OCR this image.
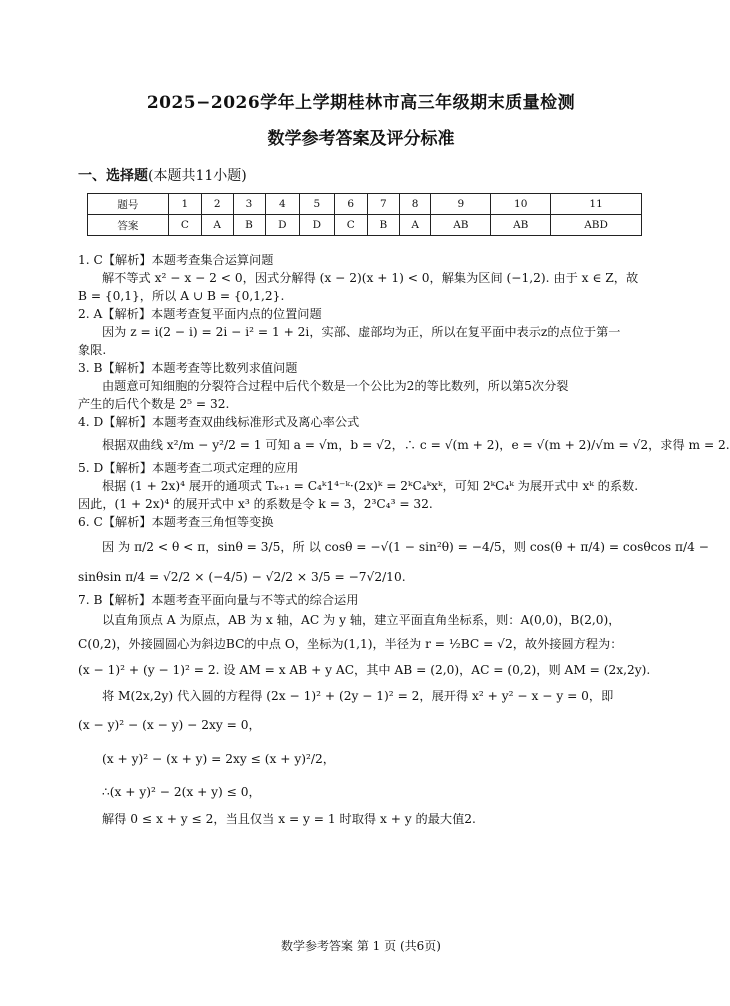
2025−2026学年上学期桂林市高三年级期末质量检测
数学参考答案及评分标准
一、选择题(本题共11小题)
题号	1	2	3	4	5	6	7	8	9	10	11
答案	C	A	B	D	D	C	B	A	AB	AB	ABD
1. C【解析】本题考查集合运算问题
解不等式 x² − x − 2 < 0，因式分解得 (x − 2)(x + 1) < 0，解集为区间 (−1,2). 由于 x ∈ Z，故
B = {0,1}，所以 A ∪ B = {0,1,2}.
2. A【解析】本题考查复平面内点的位置问题
因为 z = i(2 − i) = 2i − i² = 1 + 2i，实部、虚部均为正，所以在复平面中表示z的点位于第一
象限.
3. B【解析】本题考查等比数列求值问题
由题意可知细胞的分裂符合过程中后代个数是一个公比为2的等比数列，所以第5次分裂
产生的后代个数是 2⁵ = 32.
4. D【解析】本题考查双曲线标准形式及离心率公式
根据双曲线 x²/m − y²/2 = 1 可知 a = √m，b = √2，∴ c = √(m + 2)，e = √(m + 2)/√m = √2，求得 m = 2.
5. D【解析】本题考查二项式定理的应用
根据 (1 + 2x)⁴ 展开的通项式 Tₖ₊₁ = C₄ᵏ1⁴⁻ᵏ·(2x)ᵏ = 2ᵏC₄ᵏxᵏ，可知 2ᵏC₄ᵏ 为展开式中 xᵏ 的系数.
因此，(1 + 2x)⁴ 的展开式中 x³ 的系数是令 k = 3，2³C₄³ = 32.
6. C【解析】本题考查三角恒等变换
因 为 π/2 < θ < π，sinθ = 3/5，所 以 cosθ = −√(1 − sin²θ) = −4/5，则 cos(θ + π/4) = cosθcos π/4 −
sinθsin π/4 = √2/2 × (−4/5) − √2/2 × 3/5 = −7√2/10.
7. B【解析】本题考查平面向量与不等式的综合运用
以直角顶点 A 为原点，AB 为 x 轴，AC 为 y 轴，建立平面直角坐标系，则：A(0,0)，B(2,0)，
C(0,2)，外接圆圆心为斜边BC的中点 O，坐标为(1,1)，半径为 r = ½BC = √2，故外接圆方程为：
(x − 1)² + (y − 1)² = 2. 设 AM = x AB + y AC，其中 AB = (2,0)，AC = (0,2)，则 AM = (2x,2y).
将 M(2x,2y) 代入圆的方程得 (2x − 1)² + (2y − 1)² = 2，展开得 x² + y² − x − y = 0，即
(x − y)² − (x − y) − 2xy = 0，
(x + y)² − (x + y) = 2xy ≤ (x + y)²/2，
∴(x + y)² − 2(x + y) ≤ 0，
解得 0 ≤ x + y ≤ 2，当且仅当 x = y = 1 时取得 x + y 的最大值2.
数学参考答案 第 1 页 (共6页)
